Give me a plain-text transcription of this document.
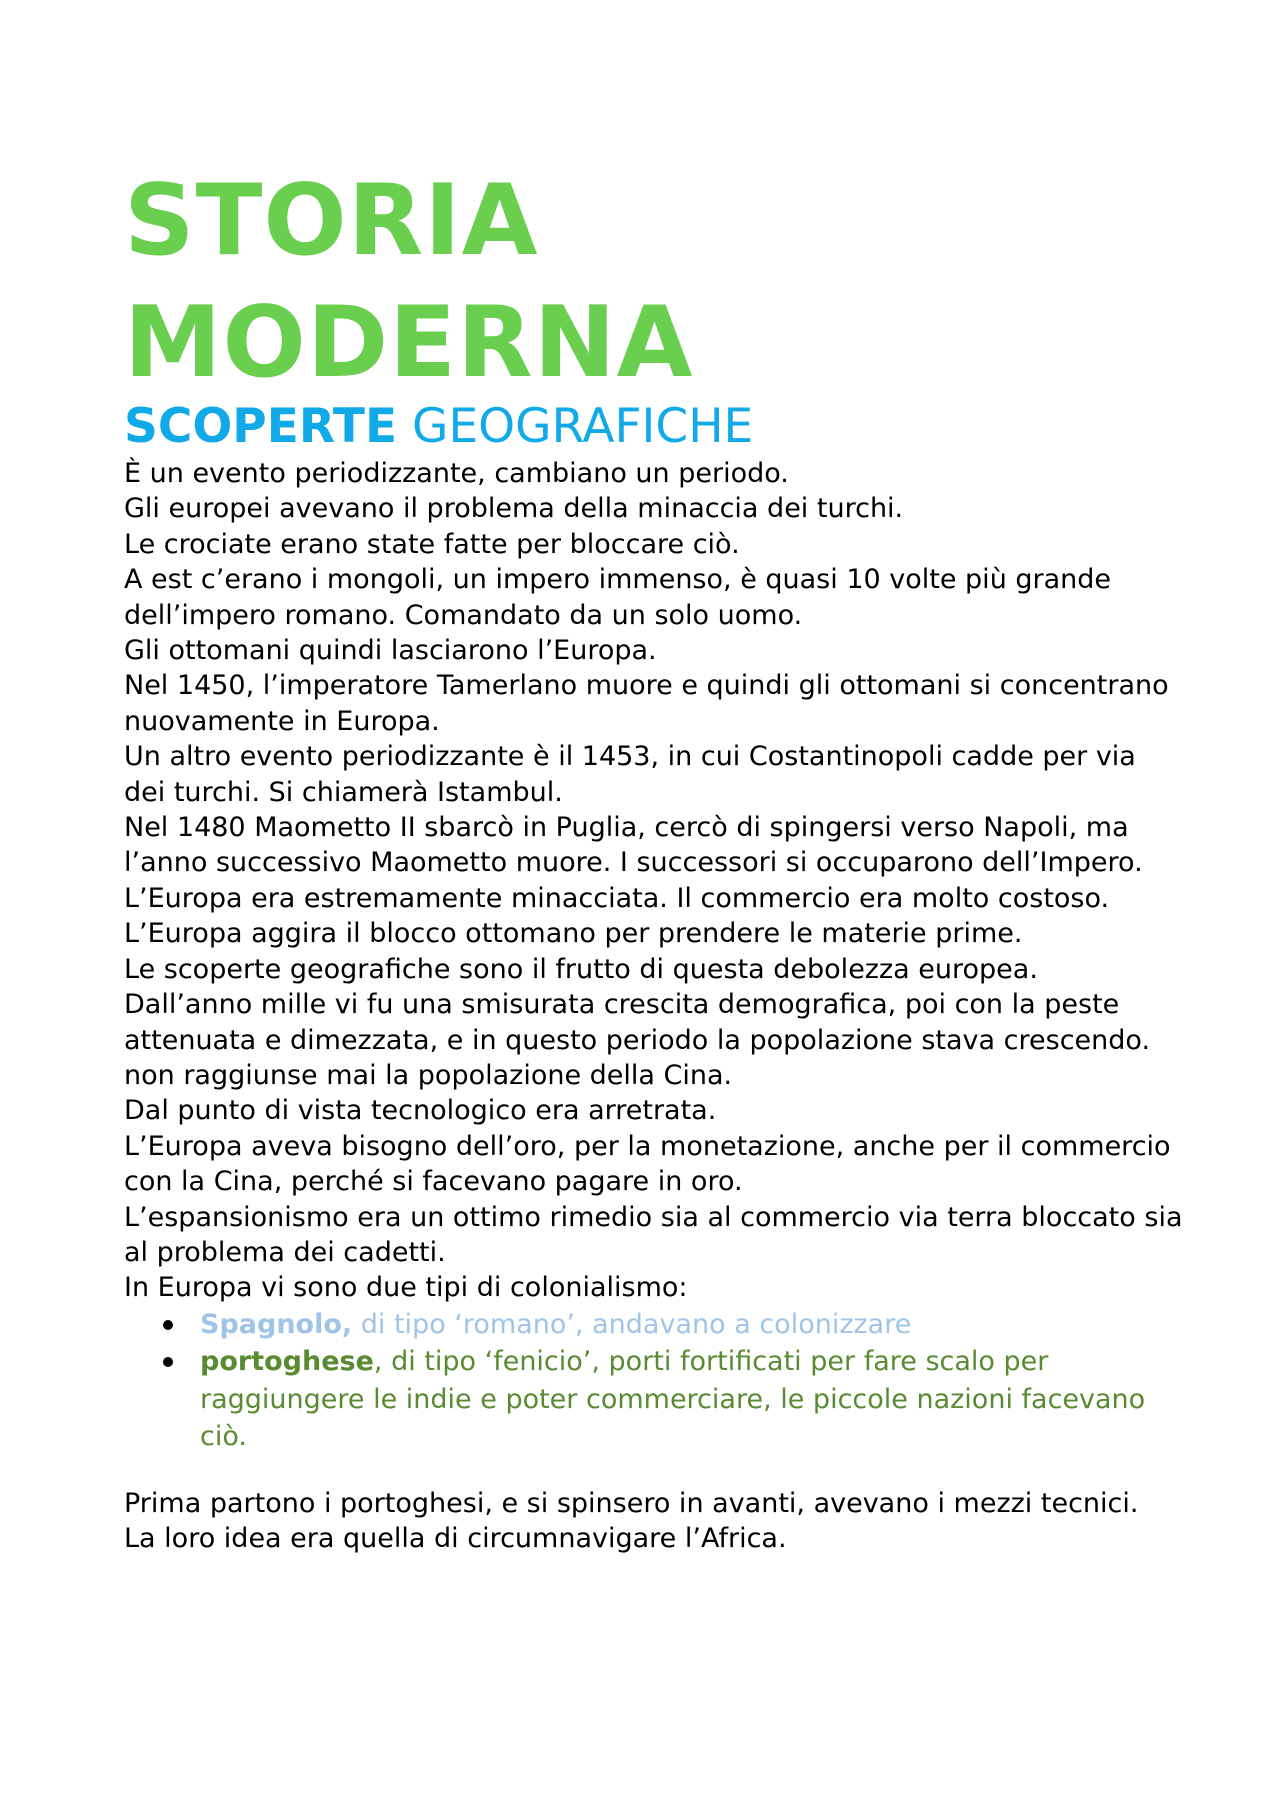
STORIA
MODERNA
SCOPERTE GEOGRAFICHE

È un evento periodizzante, cambiano un periodo.

Gli europei avevano il problema della minaccia dei turchi.

Le crociate erano state fatte per bloccare ciò.

A est c’erano i mongoli, un impero immenso, è quasi 10 volte più grande dell’impero romano. Comandato da un solo uomo.

Gli ottomani quindi lasciarono l’Europa.

Nel 1450, l’imperatore Tamerlano muore e quindi gli ottomani si concentrano nuovamente in Europa.

Un altro evento periodizzante è il 1453, in cui Costantinopoli cadde per via dei turchi. Si chiamerà Istambul.

Nel 1480 Maometto II sbarcò in Puglia, cercò di spingersi verso Napoli, ma l’anno successivo Maometto muore. I successori si occuparono dell’Impero.

L’Europa era estremamente minacciata. Il commercio era molto costoso.

L’Europa aggira il blocco ottomano per prendere le materie prime.

Le scoperte geografiche sono il frutto di questa debolezza europea.

Dall’anno mille vi fu una smisurata crescita demografica, poi con la peste attenuata e dimezzata, e in questo periodo la popolazione stava crescendo.

non raggiunse mai la popolazione della Cina.

Dal punto di vista tecnologico era arretrata.

L’Europa aveva bisogno dell’oro, per la monetazione, anche per il commercio con la Cina, perché si facevano pagare in oro.

L’espansionismo era un ottimo rimedio sia al commercio via terra bloccato sia al problema dei cadetti.

In Europa vi sono due tipi di colonialismo:

Spagnolo, di tipo ‘romano’, andavano a colonizzare
portoghese, di tipo ‘fenicio’, porti fortificati per fare scalo per raggiungere le indie e poter commerciare, le piccole nazioni facevano ciò.

Prima partono i portoghesi, e si spinsero in avanti, avevano i mezzi tecnici.

La loro idea era quella di circumnavigare l’Africa.
